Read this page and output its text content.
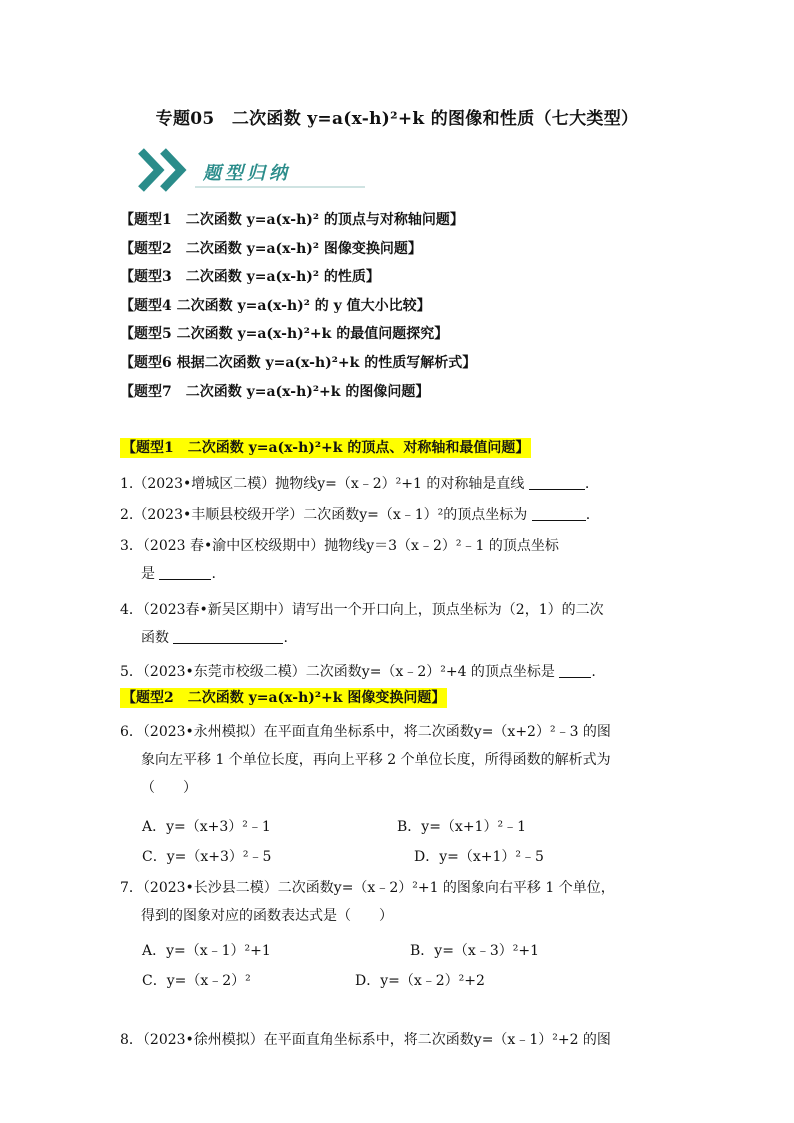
专题05　二次函数 y=a(x-h)²+k 的图像和性质（七大类型）
题型归纳
【题型1　二次函数 y=a(x-h)² 的顶点与对称轴问题】
【题型2　二次函数 y=a(x-h)² 图像变换问题】
【题型3　二次函数 y=a(x-h)² 的性质】
【题型4 二次函数 y=a(x-h)² 的 y 值大小比较】
【题型5 二次函数 y=a(x-h)²+k 的最值问题探究】
【题型6 根据二次函数 y=a(x-h)²+k 的性质写解析式】
【题型7　二次函数 y=a(x-h)²+k 的图像问题】
【题型1　二次函数 y=a(x-h)²+k 的顶点、对称轴和最值问题】
1.（2023•增城区二模）抛物线y=（x﹣2）²+1 的对称轴是直线	.
2.（2023•丰顺县校级开学）二次函数y=（x﹣1）²的顶点坐标为	.
3．（2023 春•渝中区校级期中）抛物线y＝3（x﹣2）²﹣1 的顶点坐标
是	.
4．（2023春•新吴区期中）请写出一个开口向上，顶点坐标为（2，1）的二次
函数	.
5．（2023•东莞市校级二模）二次函数y=（x﹣2）²+4 的顶点坐标是	.
【题型2　二次函数 y=a(x-h)²+k 图像变换问题】
6．（2023•永州模拟）在平面直角坐标系中，将二次函数y=（x+2）²﹣3 的图
象向左平移 1 个单位长度，再向上平移 2 个单位长度，所得函数的解析式为
（　　）
A．y=（x+3）²﹣1	B．y=（x+1）²﹣1
C．y=（x+3）²﹣5	D．y=（x+1）²﹣5
7．（2023•长沙县二模）二次函数y=（x﹣2）²+1 的图象向右平移 1 个单位，
得到的图象对应的函数表达式是（　　）
A．y=（x﹣1）²+1	B．y=（x﹣3）²+1
C．y=（x﹣2）²	D．y=（x﹣2）²+2
8．（2023•徐州模拟）在平面直角坐标系中，将二次函数y=（x﹣1）²+2 的图
